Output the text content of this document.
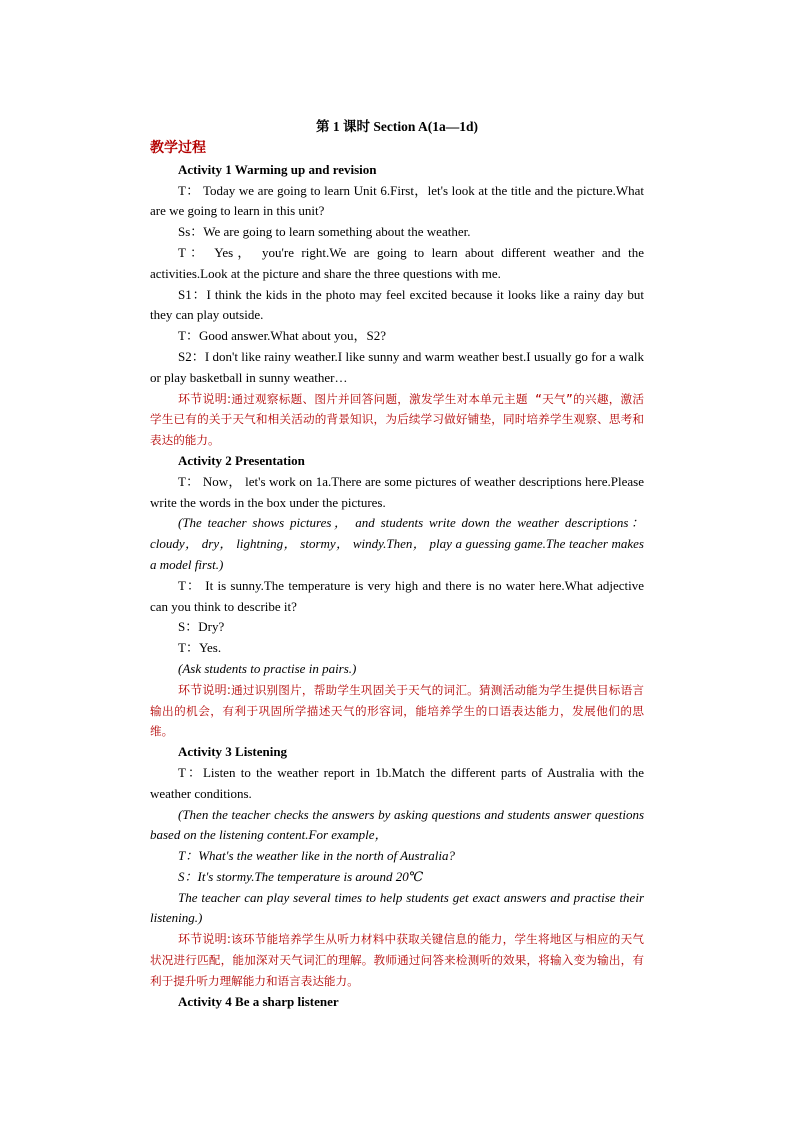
第 1 课时 Section A(1a—1d)

教学过程

Activity 1 Warming up and revision

T： Today we are going to learn Unit 6.First，let's look at the title and the picture.What are we going to learn in this unit?

Ss：We are going to learn something about the weather.

T： Yes， you're right.We are going to learn about different weather and the activities.Look at the picture and share the three questions with me.

S1：I think the kids in the photo may feel excited because it looks like a rainy day but they can play outside.

T：Good answer.What about you，S2?

S2：I don't like rainy weather.I like sunny and warm weather best.I usually go for a walk or play basketball in sunny weather…

环节说明:通过观察标题、图片并回答问题，激发学生对本单元主题 “天气”的兴趣，激活学生已有的关于天气和相关活动的背景知识，为后续学习做好铺垫，同时培养学生观察、思考和表达的能力。

Activity 2 Presentation

T： Now， let's work on 1a.There are some pictures of weather descriptions here.Please write the words in the box under the pictures.

(The teacher shows pictures， and students write down the weather descriptions：cloudy， dry， lightning， stormy， windy.Then， play a guessing game.The teacher makes a model first.)

T： It is sunny.The temperature is very high and there is no water here.What adjective can you think to describe it?

S：Dry?

T：Yes.

(Ask students to practise in pairs.)

环节说明:通过识别图片，帮助学生巩固关于天气的词汇。猜测活动能为学生提供目标语言输出的机会，有利于巩固所学描述天气的形容词，能培养学生的口语表达能力，发展他们的思维。

Activity 3 Listening

T：Listen to the weather report in 1b.Match the different parts of Australia with the weather conditions.

(Then the teacher checks the answers by asking questions and students answer questions based on the listening content.For example，

T：What's the weather like in the north of Australia?

S：It's stormy.The temperature is around 20℃

The teacher can play several times to help students get exact answers and practise their listening.)

环节说明:该环节能培养学生从听力材料中获取关键信息的能力，学生将地区与相应的天气状况进行匹配，能加深对天气词汇的理解。教师通过问答来检测听的效果，将输入变为输出，有利于提升听力理解能力和语言表达能力。

Activity 4 Be a sharp listener
